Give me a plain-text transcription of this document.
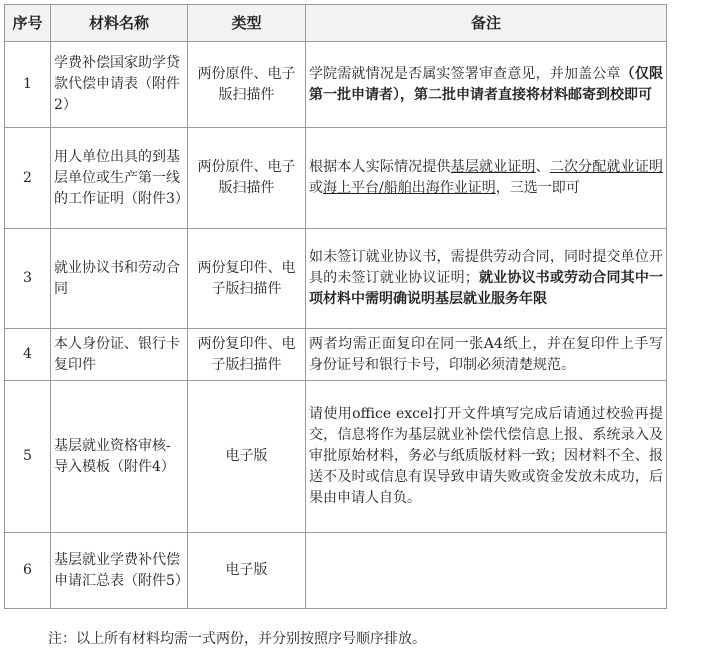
序号	材料名称	类型	备注
1	学费补偿国家助学贷款代偿申请表（附件2）	两份原件、电子版扫描件	学院需就情况是否属实签署审查意见，并加盖公章（仅限第一批申请者），第二批申请者直接将材料邮寄到校即可
2	用人单位出具的到基层单位或生产第一线的工作证明（附件3）	两份原件、电子版扫描件	根据本人实际情况提供基层就业证明、二次分配就业证明或海上平台/船舶出海作业证明，三选一即可
3	就业协议书和劳动合同	两份复印件、电子版扫描件	如未签订就业协议书，需提供劳动合同，同时提交单位开具的未签订就业协议证明；就业协议书或劳动合同其中一项材料中需明确说明基层就业服务年限
4	本人身份证、银行卡复印件	两份复印件、电子版扫描件	两者均需正面复印在同一张A4纸上，并在复印件上手写身份证号和银行卡号，印制必须清楚规范。
5	基层就业资格审核-导入模板（附件4）	电子版	请使用office excel打开文件填写完成后请通过校验再提交，信息将作为基层就业补偿代偿信息上报、系统录入及审批原始材料，务必与纸质版材料一致；因材料不全、报送不及时或信息有误导致申请失败或资金发放未成功，后果由申请人自负。
6	基层就业学费补代偿申请汇总表（附件5）	电子版	
注：以上所有材料均需一式两份，并分别按照序号顺序排放。
